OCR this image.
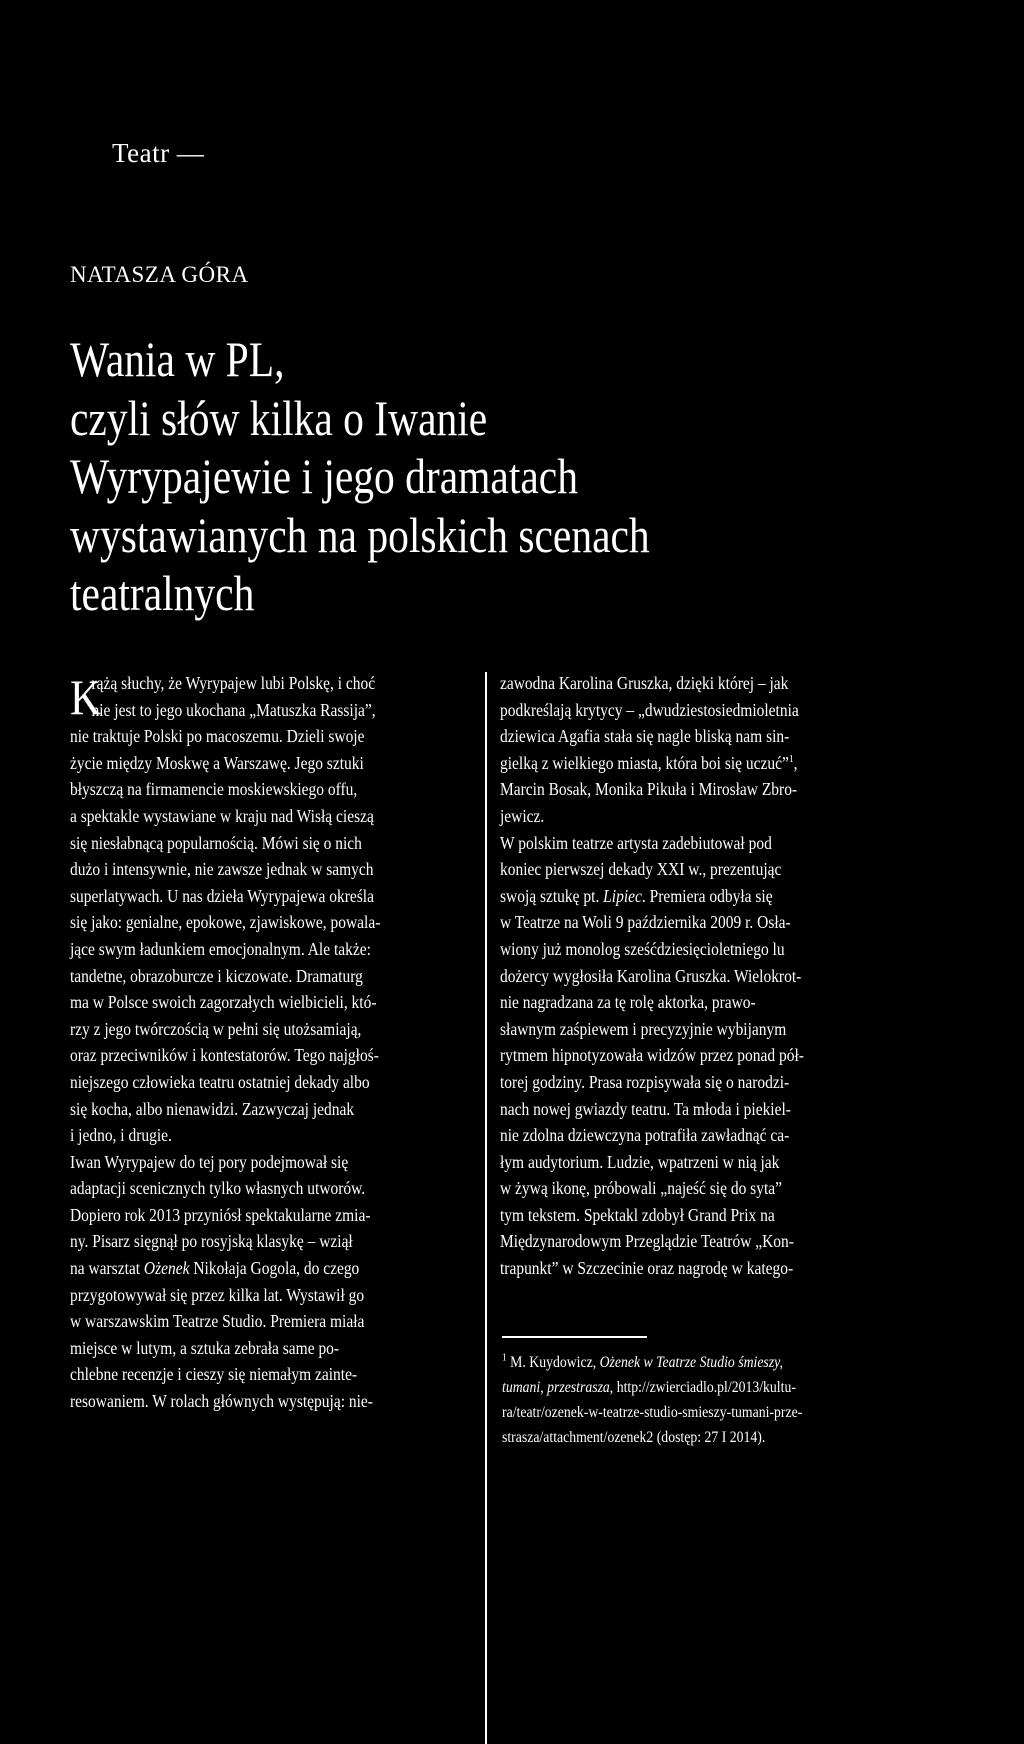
Teatr —
NATASZA GÓRA
Wania w PL,
czyli słów kilka o Iwanie
Wyrypajewie i jego dramatach
wystawianych na polskich scenach
teatralnych
K
rążą słuchy, że Wyrypajew lubi Polskę, i choć
nie jest to jego ukochana „Matuszka Rassija”,
nie traktuje Polski po macoszemu. Dzieli swoje
życie między Moskwę a Warszawę. Jego sztuki
błyszczą na firmamencie moskiewskiego offu,
a spektakle wystawiane w kraju nad Wisłą cieszą
się niesłabnącą popularnością. Mówi się o nich
dużo i intensywnie, nie zawsze jednak w samych
superlatywach. U nas dzieła Wyrypajewa określa
się jako: genialne, epokowe, zjawiskowe, powala-
jące swym ładunkiem emocjonalnym. Ale także:
tandetne, obrazoburcze i kiczowate. Dramaturg
ma w Polsce swoich zagorzałych wielbicieli, któ-
rzy z jego twórczością w pełni się utożsamiają,
oraz przeciwników i kontestatorów. Tego najgłoś-
niejszego człowieka teatru ostatniej dekady albo
się kocha, albo nienawidzi. Zazwyczaj jednak
i jedno, i drugie.
Iwan Wyrypajew do tej pory podejmował się
adaptacji scenicznych tylko własnych utworów.
Dopiero rok 2013 przyniósł spektakularne zmia-
ny. Pisarz sięgnął po rosyjską klasykę – wziął
na warsztat Ożenek Nikołaja Gogola, do czego
przygotowywał się przez kilka lat. Wystawił go
w warszawskim Teatrze Studio. Premiera miała
miejsce w lutym, a sztuka zebrała same po-
chlebne recenzje i cieszy się niemałym zainte-
resowaniem. W rolach głównych występują: nie-
zawodna Karolina Gruszka, dzięki której – jak
podkreślają krytycy – „dwudziestosiedmioletnia
dziewica Agafia stała się nagle bliską nam sin-
gielką z wielkiego miasta, która boi się uczuć”$^1$,
Marcin Bosak, Monika Pikuła i Mirosław Zbro-
jewicz.
W polskim teatrze artysta zadebiutował pod
koniec pierwszej dekady XXI w., prezentując
swoją sztukę pt. Lipiec. Premiera odbyła się
w Teatrze na Woli 9 października 2009 r. Osła-
wiony już monolog sześćdziesięcioletniego lu
dożercy wygłosiła Karolina Gruszka. Wielokrot-
nie nagradzana za tę rolę aktorka, prawo-
sławnym zaśpiewem i precyzyjnie wybijanym
rytmem hipnotyzowała widzów przez ponad pół-
torej godziny. Prasa rozpisywała się o narodzi-
nach nowej gwiazdy teatru. Ta młoda i piekiel-
nie zdolna dziewczyna potrafiła zawładnąć ca-
łym audytorium. Ludzie, wpatrzeni w nią jak
w żywą ikonę, próbowali „najeść się do syta”
tym tekstem. Spektakl zdobył Grand Prix na
Międzynarodowym Przeglądzie Teatrów „Kon-
trapunkt” w Szczecinie oraz nagrodę w katego-
$^1$ M. Kuydowicz, Ożenek w Teatrze Studio śmieszy,
tumani, przestrasza, http://zwierciadlo.pl/2013/kultu-
ra/teatr/ozenek-w-teatrze-studio-smieszy-tumani-prze-
strasza/attachment/ozenek2 (dostęp: 27 I 2014).
